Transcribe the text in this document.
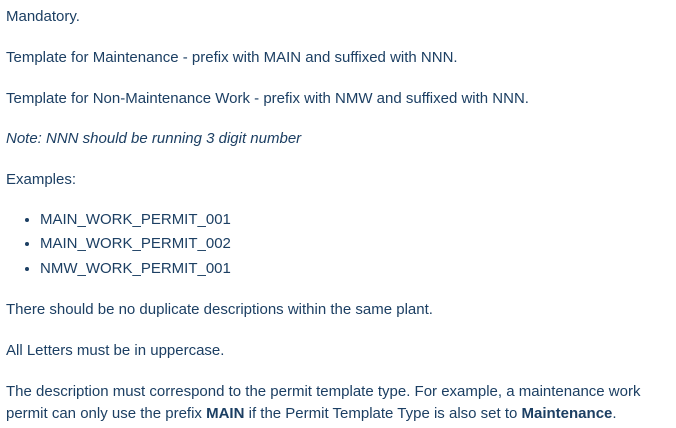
Mandatory.

Template for Maintenance - prefix with MAIN and suffixed with NNN.

Template for Non-Maintenance Work - prefix with NMW and suffixed with NNN.

Note: NNN should be running 3 digit number

Examples:

• MAIN_WORK_PERMIT_001
• MAIN_WORK_PERMIT_002
• NMW_WORK_PERMIT_001

There should be no duplicate descriptions within the same plant.

All Letters must be in uppercase.

The description must correspond to the permit template type. For example, a maintenance work permit can only use the prefix MAIN if the Permit Template Type is also set to Maintenance.
